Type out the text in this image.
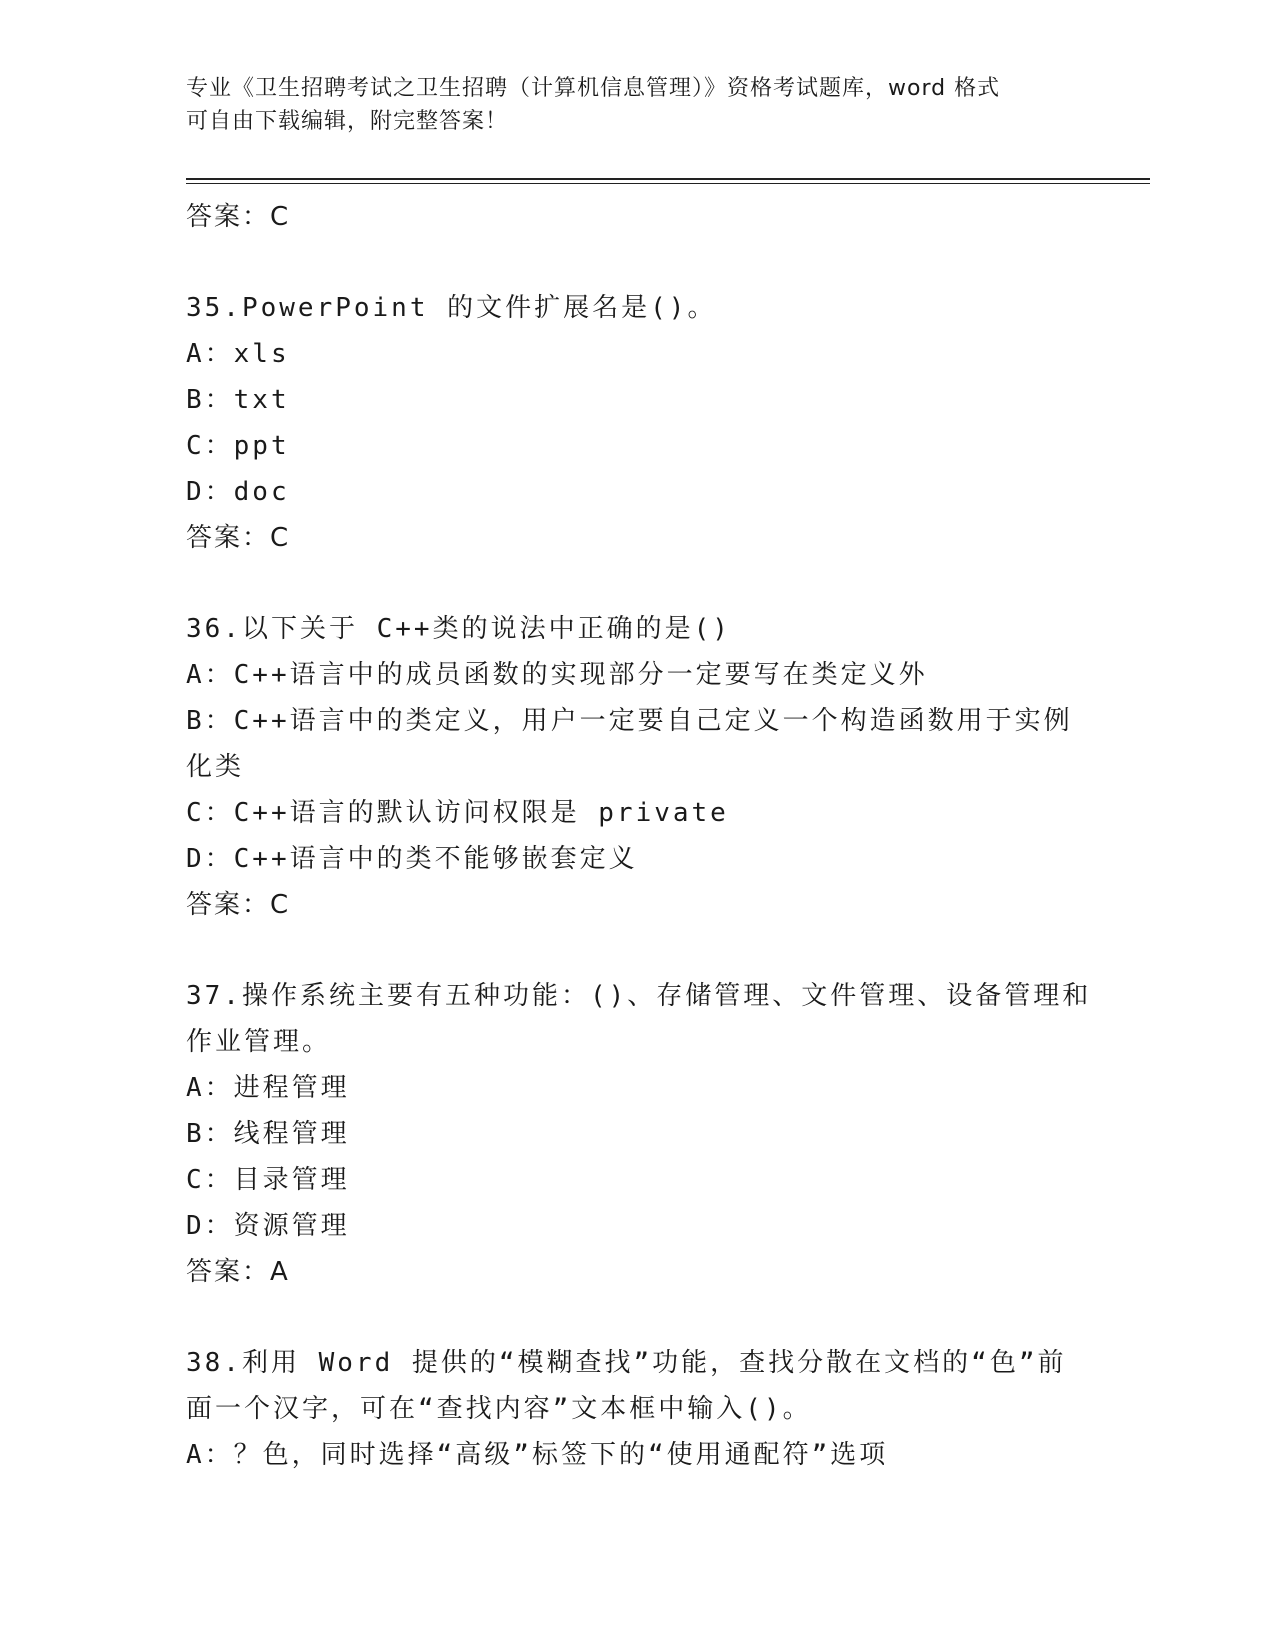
专业《卫生招聘考试之卫生招聘（计算机信息管理）》资格考试题库，word 格式
可自由下载编辑，附完整答案！

答案：C

35.PowerPoint 的文件扩展名是()。

A：xls

B：txt

C：ppt

D：doc

答案：C

36.以下关于 C++类的说法中正确的是()

A：C++语言中的成员函数的实现部分一定要写在类定义外

B：C++语言中的类定义，用户一定要自己定义一个构造函数用于实例

化类

C：C++语言的默认访问权限是 private

D：C++语言中的类不能够嵌套定义

答案：C

37.操作系统主要有五种功能：()、存储管理、文件管理、设备管理和

作业管理。

A：进程管理

B：线程管理

C：目录管理

D：资源管理

答案：A

38.利用 Word 提供的“模糊查找”功能，查找分散在文档的“色”前

面一个汉字，可在“查找内容”文本框中输入()。

A：？色，同时选择“高级”标签下的“使用通配符”选项
